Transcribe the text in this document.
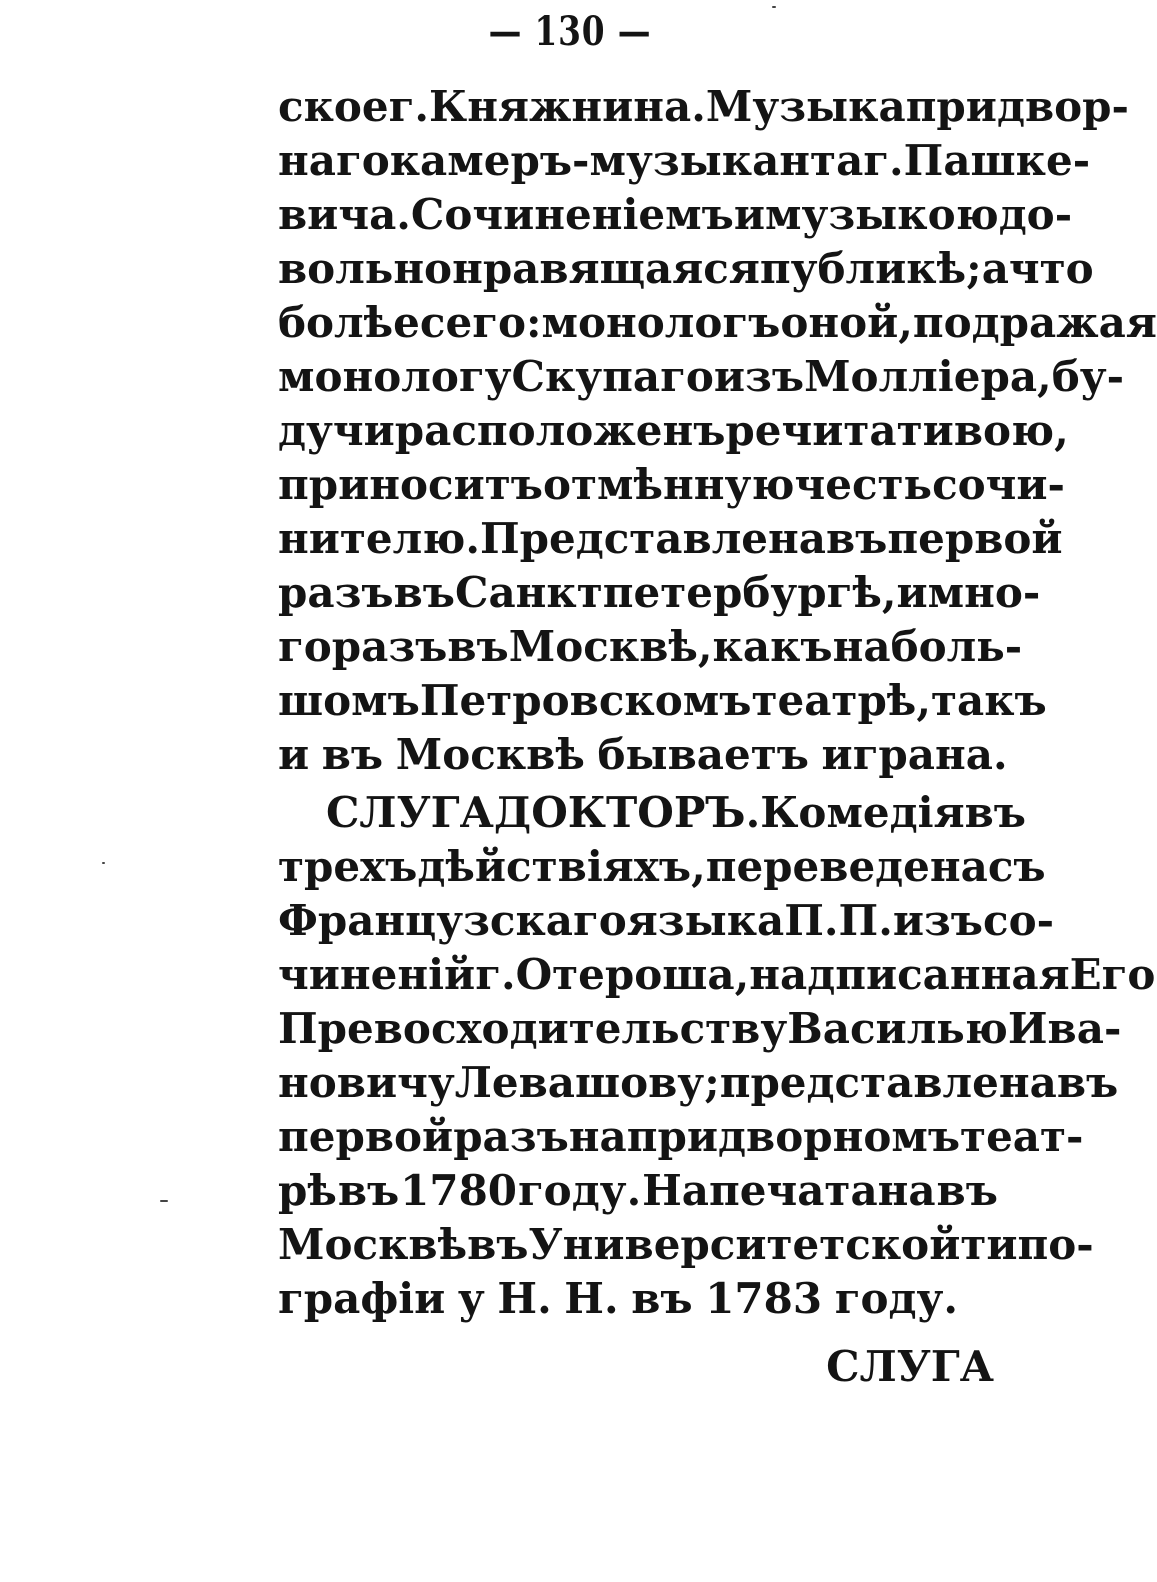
— 130 —
ское г. Княжнина. Музыка придвор-
наго камеръ-музыканта г. Пашке-
вича. Сочиненiемъ и музыкою до-
вольно нравящаяся публикѣ; а что
болѣе сего: монологъ оной, подражая
монологу Скупаго изъ Моллiера, бу-
дучи расположенъ речитативою,
приноситъ отмѣнную честь сочи-
нителю. Представлена въ первой
разъ въ Санктпетербургѣ, и мно-
го разъ въ Москвѣ, какъ на боль-
шомъ Петровскомъ театрѣ, такъ
и въ Москвѣ бываетъ играна.
СЛУГА ДОКТОРЪ. Комедiя въ
трехъ дѣйствiяхъ, переведена съ
Французскаго языка П. П. изъ со-
чиненiй г. Отероша, надписанная Его
Превосходительству Василью Ива-
новичу Левашову; представлена въ
первой разъ на придворномъ теат-
рѣ въ 1780 году. Напечатана въ
Москвѣ въ Университетской типо-
графiи у Н. Н. въ 1783 году.
СЛУГА
